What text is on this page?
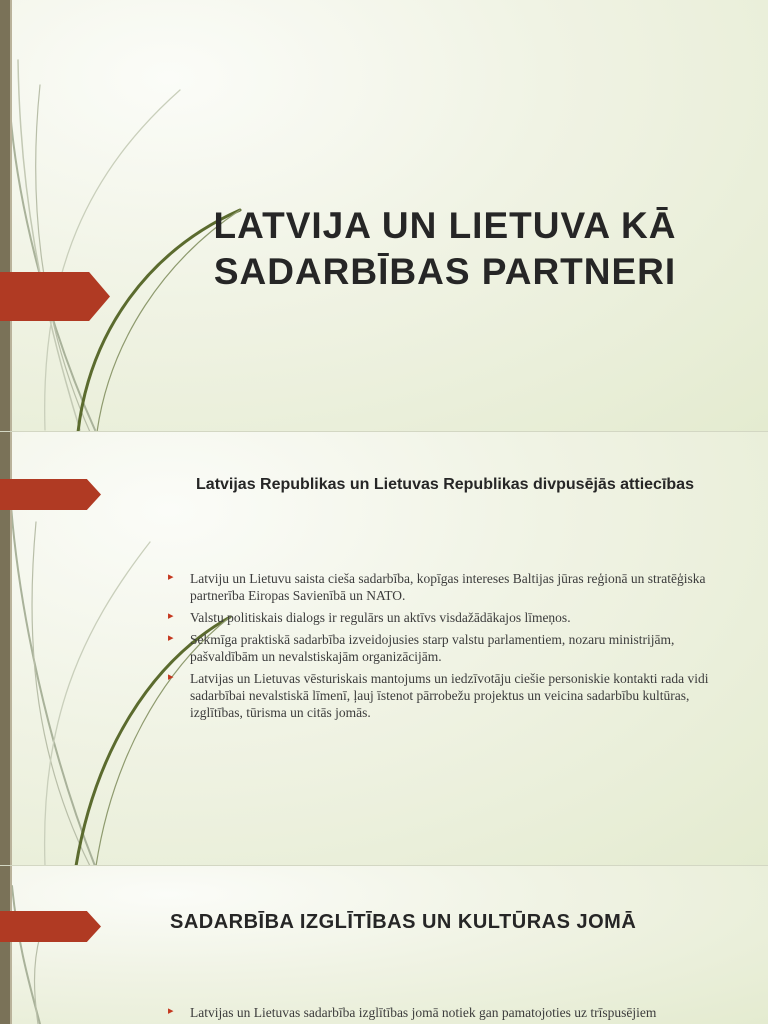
LATVIJA UN LIETUVA KĀ SADARBĪBAS PARTNERI
Latvijas Republikas un Lietuvas Republikas divpusējās attiecības
▸ Latviju un Lietuvu saista cieša sadarbība, kopīgas intereses Baltijas jūras reģionā un stratēģiska partnerība Eiropas Savienībā un NATO.
▸ Valstu politiskais dialogs ir regulārs un aktīvs visdažādākajos līmeņos.
▸ Sekmīga praktiskā sadarbība izveidojusies starp valstu parlamentiem, nozaru ministrijām, pašvaldībām un nevalstiskajām organizācijām.
▸ Latvijas un Lietuvas vēsturiskais mantojums un iedzīvotāju ciešie personiskie kontakti rada vidi sadarbībai nevalstiskā līmenī, ļauj īstenot pārrobežu projektus un veicina sadarbību kultūras, izglītības, tūrisma un citās jomās.
SADARBĪBA IZGLĪTĪBAS UN KULTŪRAS JOMĀ
▸ Latvijas un Lietuvas sadarbība izglītības jomā notiek gan pamatojoties uz trīspusējiem
